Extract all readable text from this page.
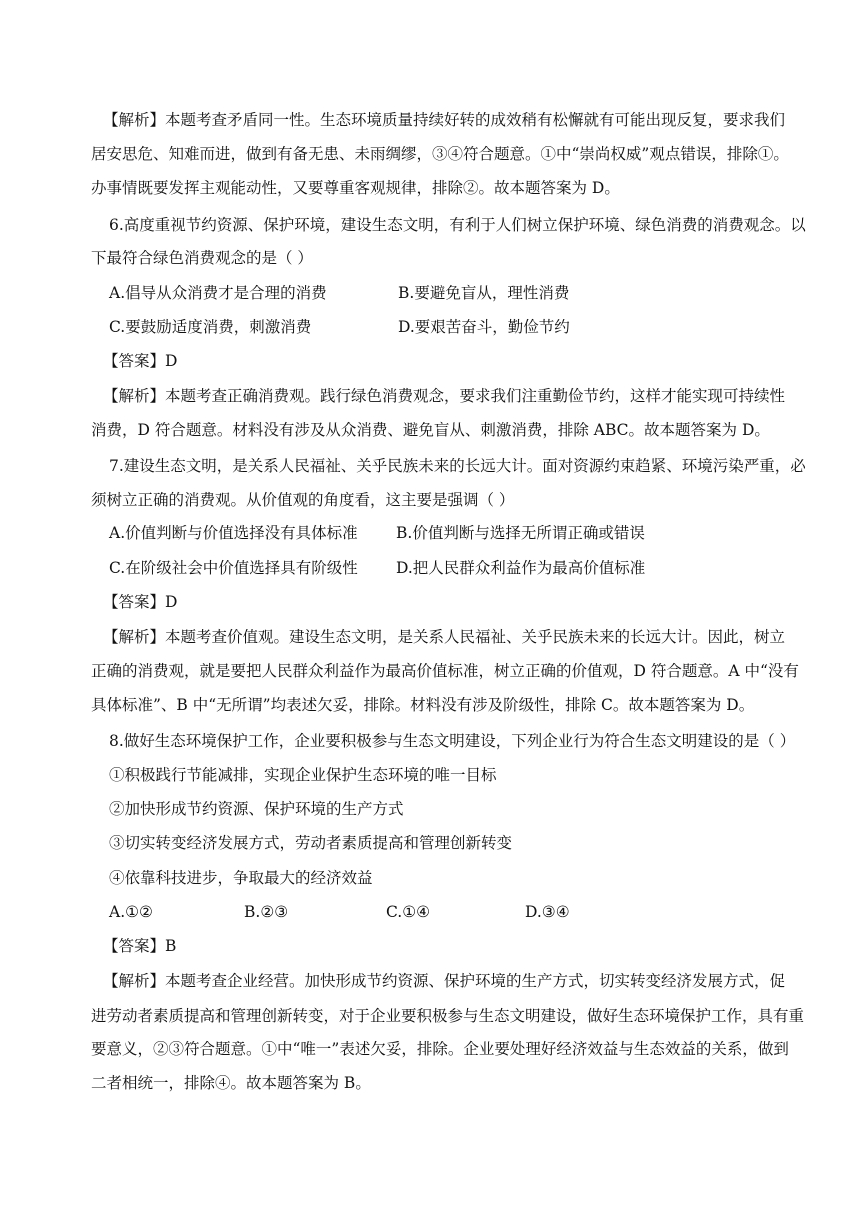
【解析】本题考查矛盾同一性。生态环境质量持续好转的成效稍有松懈就有可能出现反复，要求我们
居安思危、知难而进，做到有备无患、未雨绸缪，③④符合题意。①中“崇尚权威”观点错误，排除①。
办事情既要发挥主观能动性，又要尊重客观规律，排除②。故本题答案为 D。
6.高度重视节约资源、保护环境，建设生态文明，有利于人们树立保护环境、绿色消费的消费观念。以
下最符合绿色消费观念的是（ ）
A.倡导从众消费才是合理的消费	B.要避免盲从，理性消费
C.要鼓励适度消费，刺激消费	D.要艰苦奋斗，勤俭节约
【答案】D
【解析】本题考查正确消费观。践行绿色消费观念，要求我们注重勤俭节约，这样才能实现可持续性
消费，D 符合题意。材料没有涉及从众消费、避免盲从、刺激消费，排除 ABC。故本题答案为 D。
7.建设生态文明，是关系人民福祉、关乎民族未来的长远大计。面对资源约束趋紧、环境污染严重，必
须树立正确的消费观。从价值观的角度看，这主要是强调（ ）
A.价值判断与价值选择没有具体标准 B.价值判断与选择无所谓正确或错误
C.在阶级社会中价值选择具有阶级性 D.把人民群众利益作为最高价值标准
【答案】D
【解析】本题考查价值观。建设生态文明，是关系人民福祉、关乎民族未来的长远大计。因此，树立
正确的消费观，就是要把人民群众利益作为最高价值标准，树立正确的价值观，D 符合题意。A 中“没有
具体标准”、B 中“无所谓”均表述欠妥，排除。材料没有涉及阶级性，排除 C。故本题答案为 D。
8.做好生态环境保护工作，企业要积极参与生态文明建设，下列企业行为符合生态文明建设的是（ ）
①积极践行节能减排，实现企业保护生态环境的唯一目标
②加快形成节约资源、保护环境的生产方式
③切实转变经济发展方式，劳动者素质提高和管理创新转变
④依靠科技进步，争取最大的经济效益
A.①②	B.②③	C.①④	D.③④
【答案】B
【解析】本题考查企业经营。加快形成节约资源、保护环境的生产方式，切实转变经济发展方式，促
进劳动者素质提高和管理创新转变，对于企业要积极参与生态文明建设，做好生态环境保护工作，具有重
要意义，②③符合题意。①中“唯一”表述欠妥，排除。企业要处理好经济效益与生态效益的关系，做到
二者相统一，排除④。故本题答案为 B。
